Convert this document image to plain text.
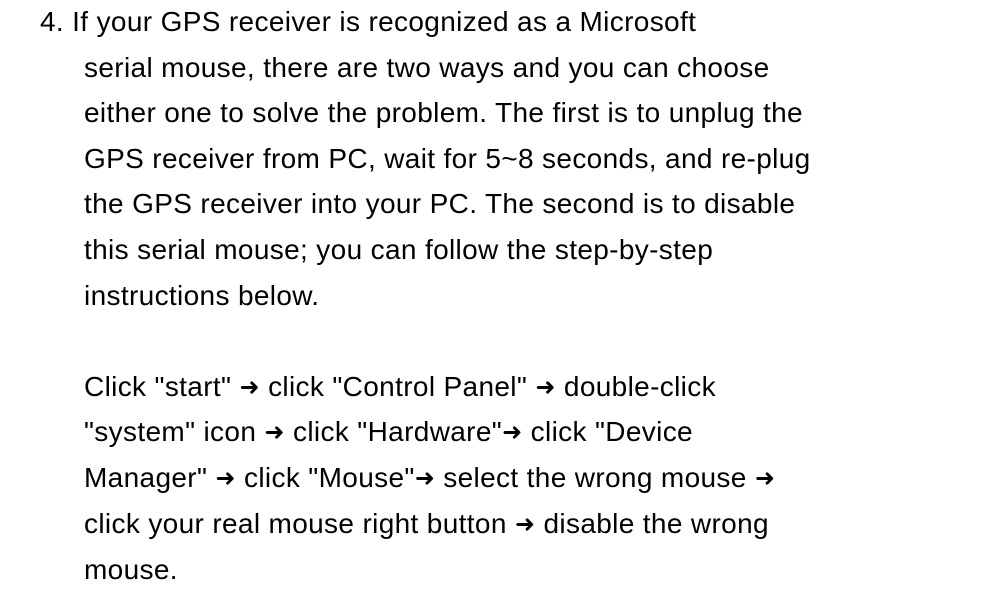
4. If your GPS receiver is recognized as a Microsoft

serial mouse, there are two ways and you can choose

either one to solve the problem. The first is to unplug the

GPS receiver from PC, wait for 5~8 seconds, and re-plug

the GPS receiver into your PC. The second is to disable

this serial mouse; you can follow the step-by-step

instructions below.

Click "start" ➜ click "Control Panel" ➜ double-click

"system" icon ➜ click "Hardware"➜ click "Device

Manager" ➜ click "Mouse"➜ select the wrong mouse ➜

click your real mouse right button ➜ disable the wrong

mouse.
